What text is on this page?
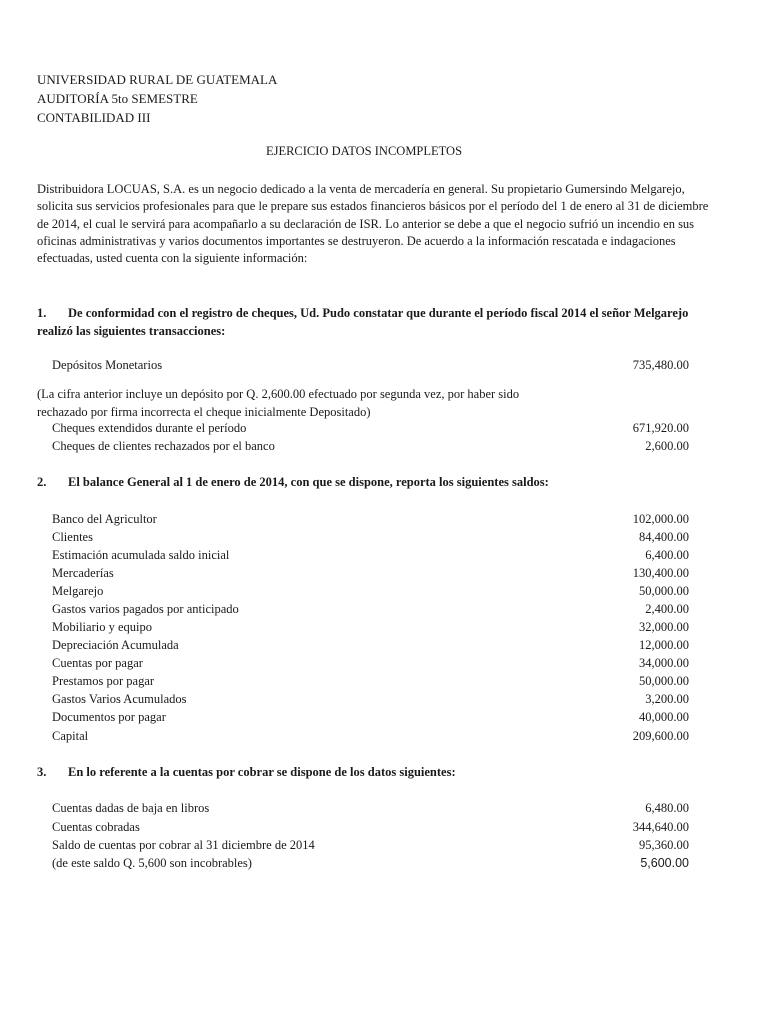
UNIVERSIDAD RURAL DE GUATEMALA
AUDITORÍA 5to SEMESTRE
CONTABILIDAD III
EJERCICIO DATOS INCOMPLETOS
Distribuidora LOCUAS, S.A. es un negocio dedicado a la venta de mercadería en general. Su propietario Gumersindo Melgarejo, solicita sus servicios profesionales para que le prepare sus estados financieros básicos por el período del 1 de enero al 31 de diciembre de 2014, el cual le servirá para acompañarlo a su declaración de ISR. Lo anterior se debe a que el negocio sufrió un incendio en sus oficinas administrativas y varios documentos importantes se destruyeron. De acuerdo a la información rescatada e indagaciones efectuadas, usted cuenta con la siguiente información:
1. De conformidad con el registro de cheques, Ud. Pudo constatar que durante el período fiscal 2014 el señor Melgarejo realizó las siguientes transacciones:
Depósitos Monetarios	735,480.00
(La cifra anterior incluye un depósito por Q. 2,600.00 efectuado por segunda vez, por haber sido rechazado por firma incorrecta el cheque inicialmente Depositado)
Cheques extendidos durante el período	671,920.00
Cheques de clientes rechazados por el banco	2,600.00
2. El balance General al 1 de enero de 2014, con que se dispone, reporta los siguientes saldos:
Banco del Agricultor	102,000.00
Clientes	84,400.00
Estimación acumulada saldo inicial	6,400.00
Mercaderías	130,400.00
Melgarejo	50,000.00
Gastos varios pagados por anticipado	2,400.00
Mobiliario y equipo	32,000.00
Depreciación Acumulada	12,000.00
Cuentas por pagar	34,000.00
Prestamos por pagar	50,000.00
Gastos Varios Acumulados	3,200.00
Documentos por pagar	40,000.00
Capital	209,600.00
3. En lo referente a la cuentas por cobrar se dispone de los datos siguientes:
Cuentas dadas de baja en libros	6,480.00
Cuentas cobradas	344,640.00
Saldo de cuentas por cobrar al 31 diciembre de 2014	95,360.00
(de este saldo Q. 5,600 son incobrables)	5,600.00
